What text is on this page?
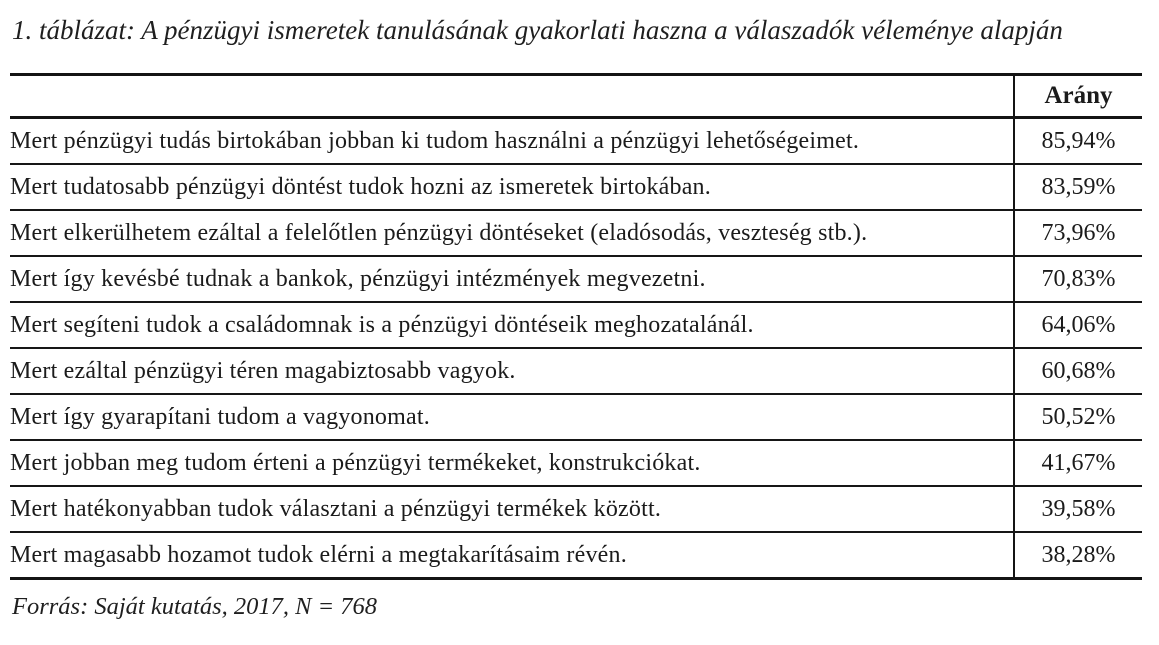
1. táblázat: A pénzügyi ismeretek tanulásának gyakorlati haszna a válaszadók véleménye alapján

	Arány
Mert pénzügyi tudás birtokában jobban ki tudom használni a pénzügyi lehetőségeimet.	85,94%
Mert tudatosabb pénzügyi döntést tudok hozni az ismeretek birtokában.	83,59%
Mert elkerülhetem ezáltal a felelőtlen pénzügyi döntéseket (eladósodás, veszteség stb.).	73,96%
Mert így kevésbé tudnak a bankok, pénzügyi intézmények megvezetni.	70,83%
Mert segíteni tudok a családomnak is a pénzügyi döntéseik meghozatalánál.	64,06%
Mert ezáltal pénzügyi téren magabiztosabb vagyok.	60,68%
Mert így gyarapítani tudom a vagyonomat.	50,52%
Mert jobban meg tudom érteni a pénzügyi termékeket, konstrukciókat.	41,67%
Mert hatékonyabban tudok választani a pénzügyi termékek között.	39,58%
Mert magasabb hozamot tudok elérni a megtakarításaim révén.	38,28%

Forrás: Saját kutatás, 2017, N = 768
